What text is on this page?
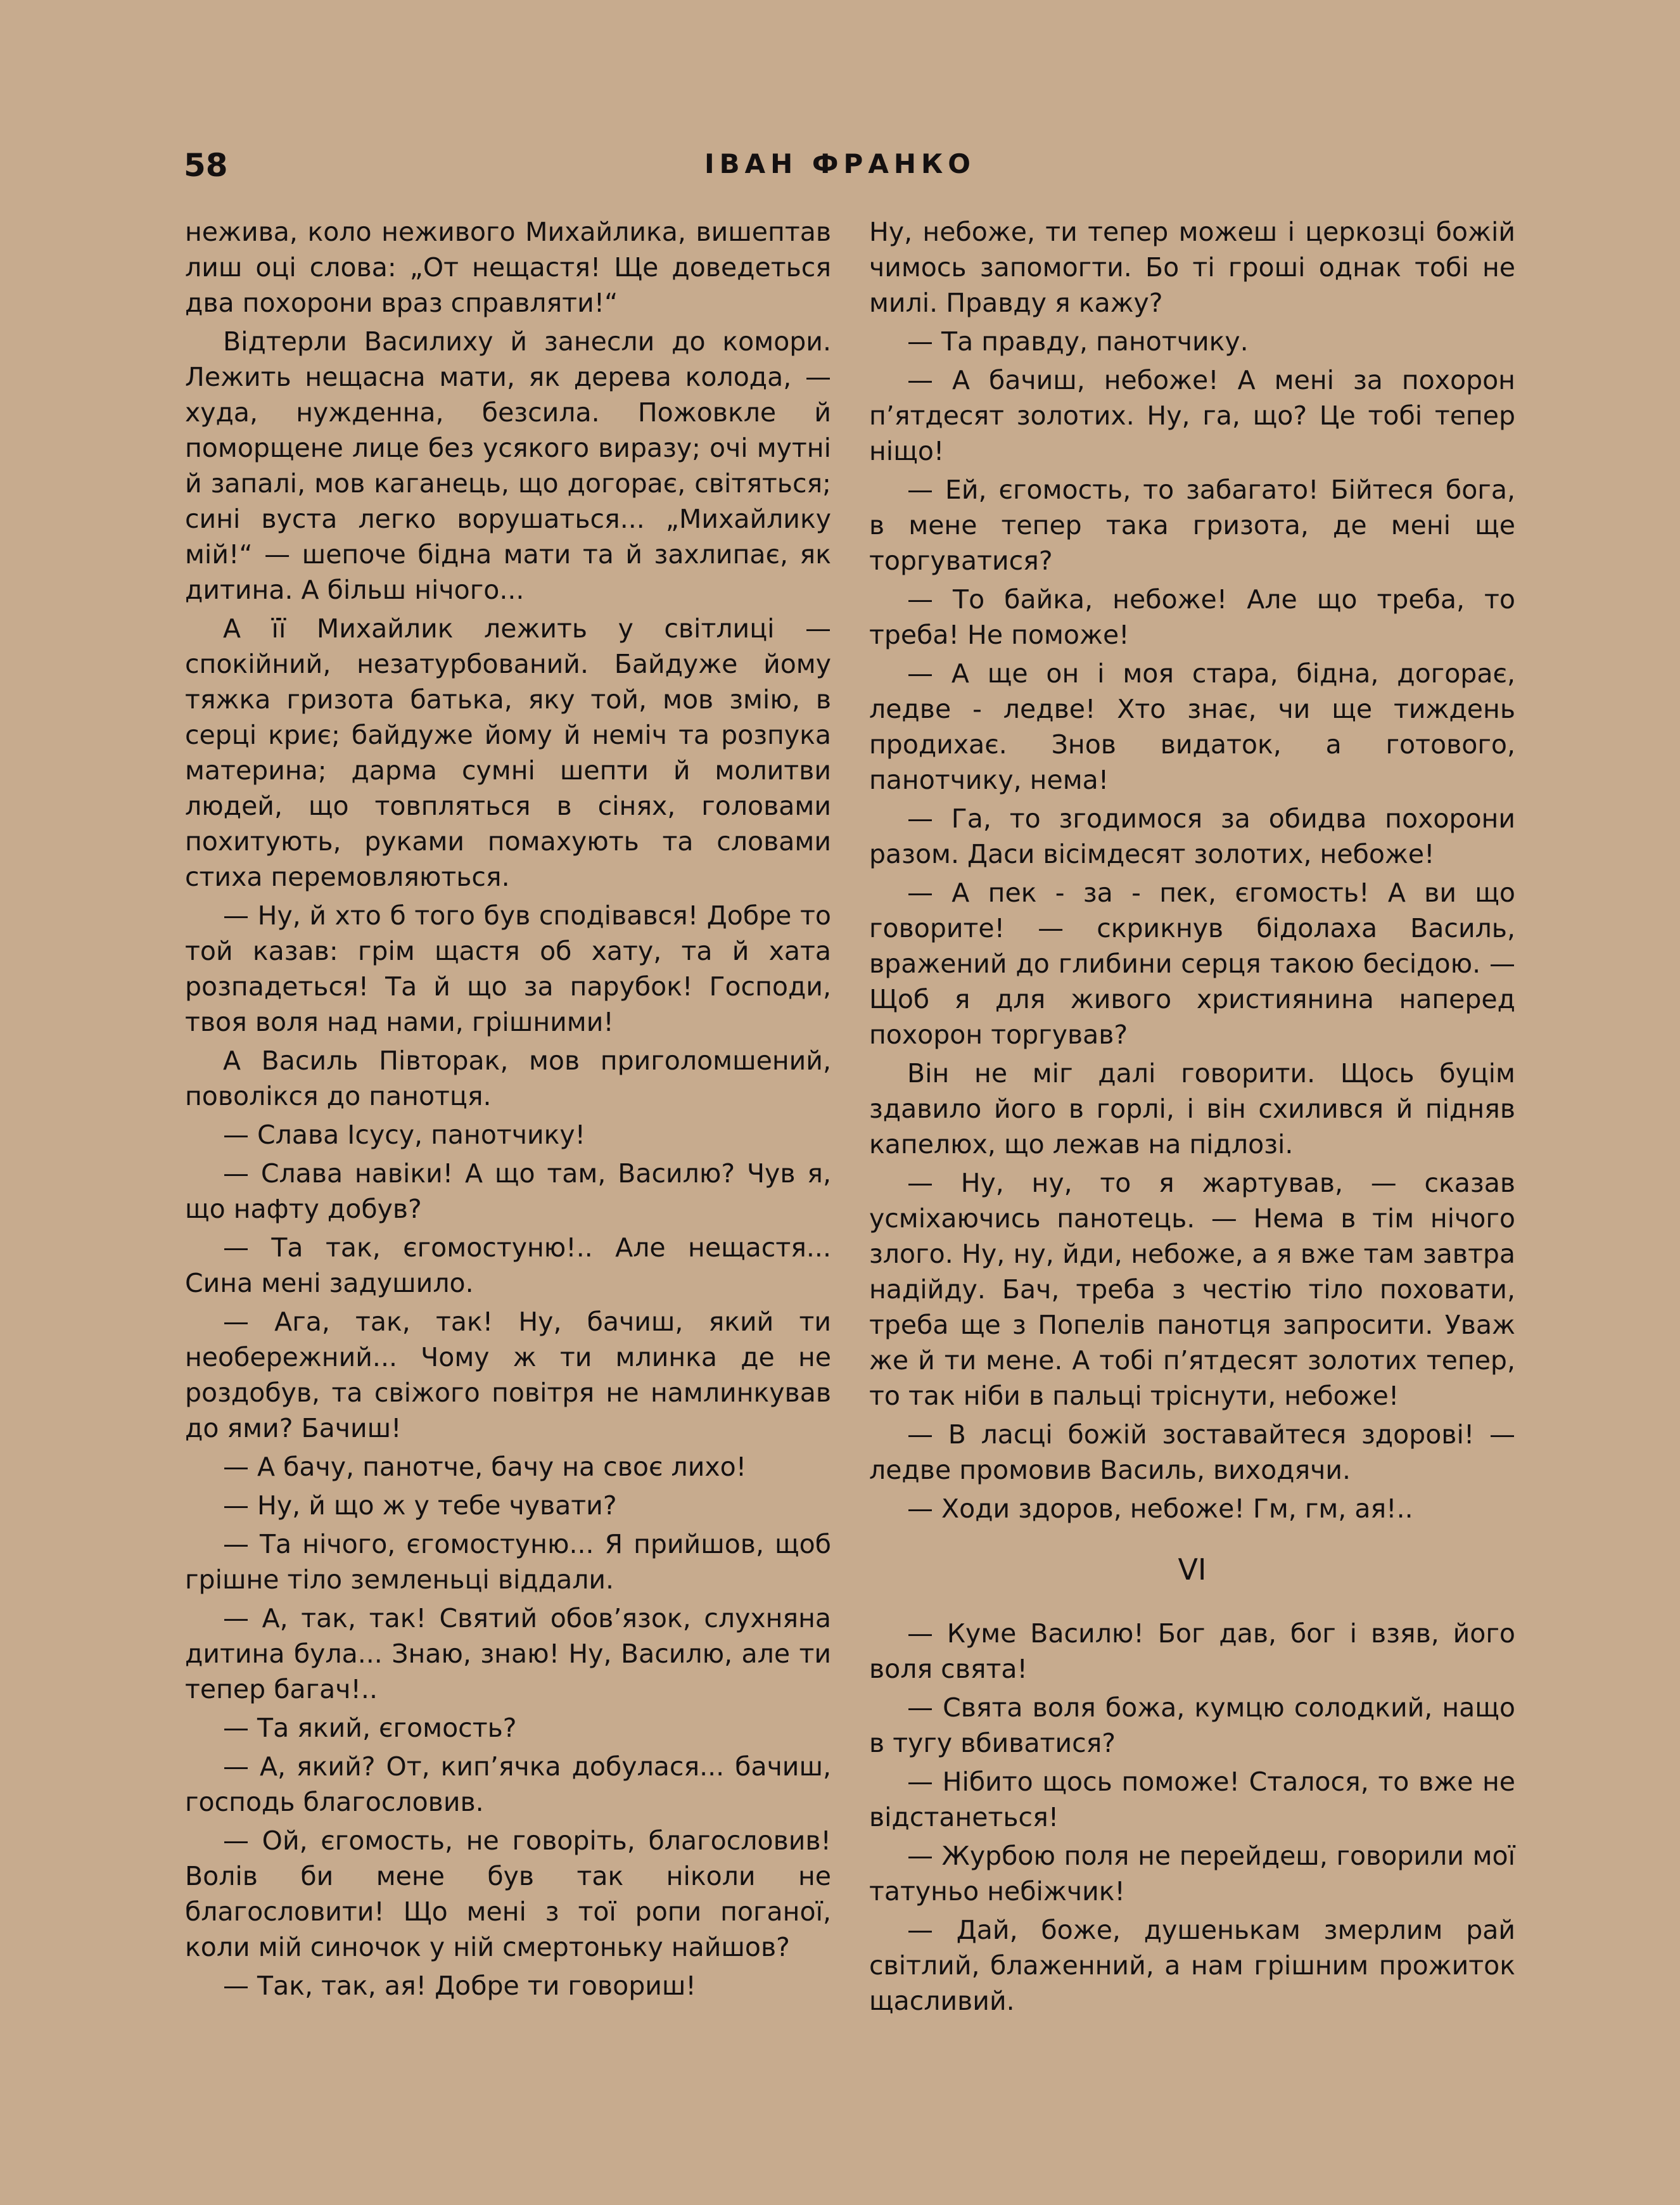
58	ІВАН ФРАНКО

нежива, коло неживого Михайлика, вишептав лиш оці слова: „От нещастя! Ще доведеться два похорони враз справляти!“

Відтерли Василиху й занесли до комори. Лежить нещасна мати, як дерева колода, — худа, нужденна, безсила. Пожовкле й поморщене лице без усякого виразу; очі мутні й запалі, мов каганець, що догорає, світяться; сині вуста легко ворушаться... „Михайлику мій!“ — шепоче бідна мати та й захлипає, як дитина. А більш нічого...

А її Михайлик лежить у світлиці — спокійний, незатурбований. Байдуже йому тяжка гризота батька, яку той, мов змію, в серці криє; байдуже йому й неміч та розпука материна; дарма сумні шепти й молитви людей, що товпляться в сінях, головами похитують, руками помахують та словами стиха перемовляються.

— Ну, й хто б того був сподівався! Добре то той казав: грім щастя об хату, та й хата розпадеться! Та й що за парубок! Господи, твоя воля над нами, грішними!

А Василь Півторак, мов приголомшений, поволікся до панотця.

— Слава Ісусу, панотчику!

— Слава навіки! А що там, Василю? Чув я, що нафту добув?

— Та так, єгомостуню!.. Але нещастя... Сина мені задушило.

— Ага, так, так! Ну, бачиш, який ти необережний... Чому ж ти млинка де не роздобув, та свіжого повітря не намлинкував до ями? Бачиш!

— А бачу, панотче, бачу на своє лихо!

— Ну, й що ж у тебе чувати?

— Та нічого, єгомостуню... Я прийшов, щоб грішне тіло земленьці віддали.

— А, так, так! Святий обов’язок, слухняна дитина була... Знаю, знаю! Ну, Василю, але ти тепер багач!..

— Та який, єгомость?

— А, який? От, кип’ячка добулася... бачиш, господь благословив.

— Ой, єгомость, не говоріть, благословив! Волів би мене був так ніколи не благословити! Що мені з тої ропи поганої, коли мій синочок у ній смертоньку найшов?

— Так, так, ая! Добре ти говориш!

Ну, небоже, ти тепер можеш і церкозці божій чимось запомогти. Бо ті гроші однак тобі не милі. Правду я кажу?

— Та правду, панотчику.

— А бачиш, небоже! А мені за похорон п’ятдесят золотих. Ну, га, що? Це тобі тепер ніщо!

— Ей, єгомость, то забагато! Бійтеся бога, в мене тепер така гризота, де мені ще торгуватися?

— То байка, небоже! Але що треба, то треба! Не поможе!

— А ще он і моя стара, бідна, догорає, ледве - ледве! Хто знає, чи ще тиждень продихає. Знов видаток, а готового, панотчику, нема!

— Га, то згодимося за обидва похорони разом. Даси вісімдесят золотих, небоже!

— А пек - за - пек, єгомость! А ви що говорите! — скрикнув бідолаха Василь, вражений до глибини серця такою бесідою. — Щоб я для живого християнина наперед похорон торгував?

Він не міг далі говорити. Щось буцім здавило його в горлі, і він схилився й підняв капелюх, що лежав на підлозі.

— Ну, ну, то я жартував, — сказав усміхаючись панотець. — Нема в тім нічого злого. Ну, ну, йди, небоже, а я вже там завтра надійду. Бач, треба з честію тіло поховати, треба ще з Попелів панотця запросити. Уваж же й ти мене. А тобі п’ятдесят золотих тепер, то так ніби в пальці тріснути, небоже!

— В ласці божій зоставайтеся здорові! — ледве промовив Василь, виходячи.

— Ходи здоров, небоже! Гм, гм, ая!..

VI

— Куме Василю! Бог дав, бог і взяв, його воля свята!

— Свята воля божа, кумцю солодкий, нащо в тугу вбиватися?

— Нібито щось поможе! Сталося, то вже не відстанеться!

— Журбою поля не перейдеш, говорили мої татуньо небіжчик!

— Дай, боже, душенькам змерлим рай світлий, блаженний, а нам грішним прожиток щасливий.
